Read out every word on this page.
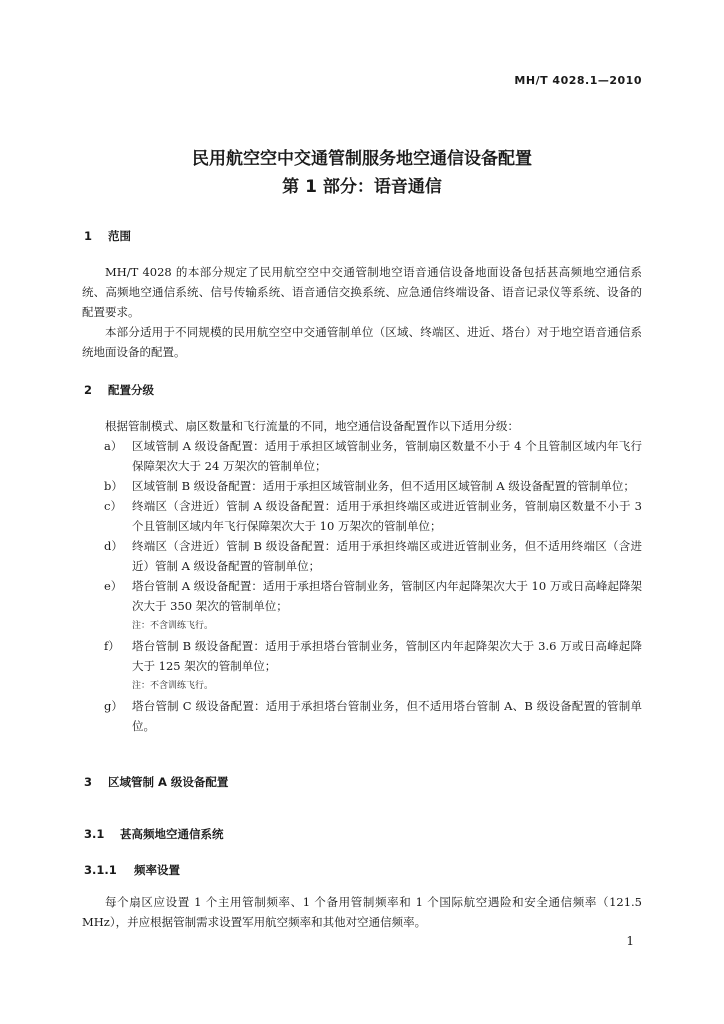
MH/T 4028.1—2010
民用航空空中交通管制服务地空通信设备配置
第 1 部分：语音通信
1 范围

MH/T 4028 的本部分规定了民用航空空中交通管制地空语音通信设备地面设备包括甚高频地空通信系统、高频地空通信系统、信号传输系统、语音通信交换系统、应急通信终端设备、语音记录仪等系统、设备的配置要求。

本部分适用于不同规模的民用航空空中交通管制单位（区域、终端区、进近、塔台）对于地空语音通信系统地面设备的配置。

2 配置分级

根据管制模式、扇区数量和飞行流量的不同，地空通信设备配置作以下适用分级：

a） 区域管制 A 级设备配置：适用于承担区域管制业务，管制扇区数量不小于 4 个且管制区域内年飞行保障架次大于 24 万架次的管制单位；
b） 区域管制 B 级设备配置：适用于承担区域管制业务，但不适用区域管制 A 级设备配置的管制单位；
c） 终端区（含进近）管制 A 级设备配置：适用于承担终端区或进近管制业务，管制扇区数量不小于 3 个且管制区域内年飞行保障架次大于 10 万架次的管制单位；
d） 终端区（含进近）管制 B 级设备配置：适用于承担终端区或进近管制业务，但不适用终端区（含进近）管制 A 级设备配置的管制单位；
e） 塔台管制 A 级设备配置：适用于承担塔台管制业务，管制区内年起降架次大于 10 万或日高峰起降架次大于 350 架次的管制单位；
注：不含训练飞行。
f） 塔台管制 B 级设备配置：适用于承担塔台管制业务，管制区内年起降架次大于 3.6 万或日高峰起降大于 125 架次的管制单位；
注：不含训练飞行。
g） 塔台管制 C 级设备配置：适用于承担塔台管制业务，但不适用塔台管制 A、B 级设备配置的管制单位。
3 区域管制 A 级设备配置
3.1 甚高频地空通信系统
3.1.1 频率设置

每个扇区应设置 1 个主用管制频率、1 个备用管制频率和 1 个国际航空遇险和安全通信频率（121.5 MHz），并应根据管制需求设置军用航空频率和其他对空通信频率。

1
